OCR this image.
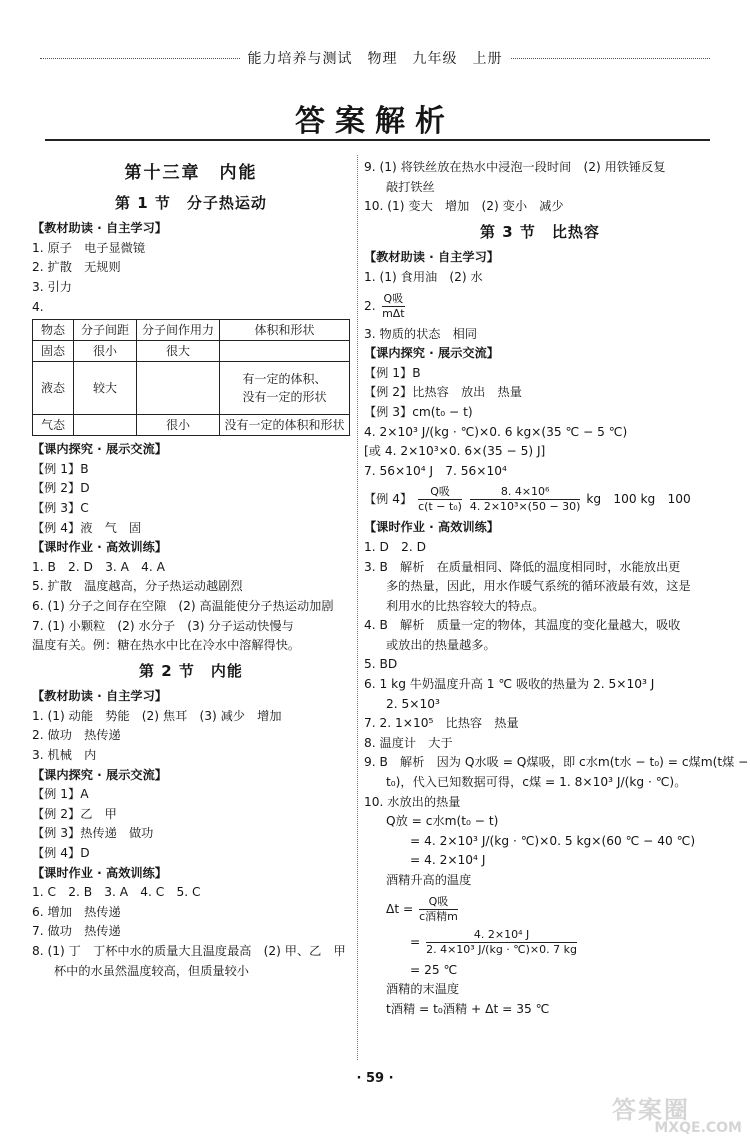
能力培养与测试　物理　九年级　上册
答案解析

第十三章　内能

第 1 节　分子热运动

【教材助读 · 自主学习】

1. 原子　电子显微镜

2. 扩散　无规则

3. 引力

4.

物态	分子间距	分子间作用力	体积和形状
固态	很小	很大	
液态	较大		有一定的体积、
没有一定的形状
气态		很小	没有一定的体积和形状

【课内探究 · 展示交流】

【例 1】B

【例 2】D

【例 3】C

【例 4】液　气　固

【课时作业 · 高效训练】

1. B　2. D　3. A　4. A

5. 扩散　温度越高，分子热运动越剧烈

6. (1) 分子之间存在空隙　(2) 高温能使分子热运动加剧

7. (1) 小颗粒　(2) 水分子　(3) 分子运动快慢与

温度有关。例：糖在热水中比在冷水中溶解得快。

第 2 节　内能

【教材助读 · 自主学习】

1. (1) 动能　势能　(2) 焦耳　(3) 减少　增加

2. 做功　热传递

3. 机械　内

【课内探究 · 展示交流】

【例 1】A

【例 2】乙　甲

【例 3】热传递　做功

【例 4】D

【课时作业 · 高效训练】

1. C　2. B　3. A　4. C　5. C

6. 增加　热传递

7. 做功　热传递

8. (1) 丁　丁杯中水的质量大且温度最高　(2) 甲、乙　甲

杯中的水虽然温度较高，但质量较小

9. (1) 将铁丝放在热水中浸泡一段时间　(2) 用铁锤反复

敲打铁丝

10. (1) 变大　增加　(2) 变小　减少

第 3 节　比热容

【教材助读 · 自主学习】

1. (1) 食用油　(2) 水

2. $\frac{\text{Q吸}}{\text{mΔt}}$

3. 物质的状态　相同

【课内探究 · 展示交流】

【例 1】B

【例 2】比热容　放出　热量

【例 3】cm(t₀ − t)

4. 2×10³ J/(kg · ℃)×0. 6 kg×(35 ℃ − 5 ℃)

[或 4. 2×10³×0. 6×(35 − 5) J]

7. 56×10⁴ J　7. 56×10⁴

【例 4】 $\frac{\text{Q吸}}{\text{c(t − t₀)}}$
$\frac{\text{8. 4×10⁶}}{\text{4. 2×10³×(50 − 30)}}$ kg　100 kg　100

【课时作业 · 高效训练】

1. D　2. D

3. B　解析　在质量相同、降低的温度相同时，水能放出更

多的热量，因此，用水作暖气系统的循环液最有效，这是

利用水的比热容较大的特点。

4. B　解析　质量一定的物体，其温度的变化量越大，吸收

或放出的热量越多。

5. BD

6. 1 kg 牛奶温度升高 1 ℃ 吸收的热量为 2. 5×10³ J

2. 5×10³

7. 2. 1×10⁵　比热容　热量

8. 温度计　大于

9. B　解析　因为 Q水吸 = Q煤吸，即 c水m(t水 − t₀) = c煤m(t煤 −

t₀)，代入已知数据可得，c煤 = 1. 8×10³ J/(kg · ℃)。

10. 水放出的热量

Q放 = c水m(t₀ − t)

= 4. 2×10³ J/(kg · ℃)×0. 5 kg×(60 ℃ − 40 ℃)

= 4. 2×10⁴ J

酒精升高的温度

$\Delta t = \frac{\text{Q吸}}{\text{c酒精m}}$

= $\frac{\text{4. 2×10⁴ J}}{\text{2. 4×10³ J/(kg · ℃)×0. 7 kg}}$

= 25 ℃

酒精的末温度

t酒精 = t₀酒精 + Δt = 35 ℃

· 59 ·
答案圈
MXQE.COM
